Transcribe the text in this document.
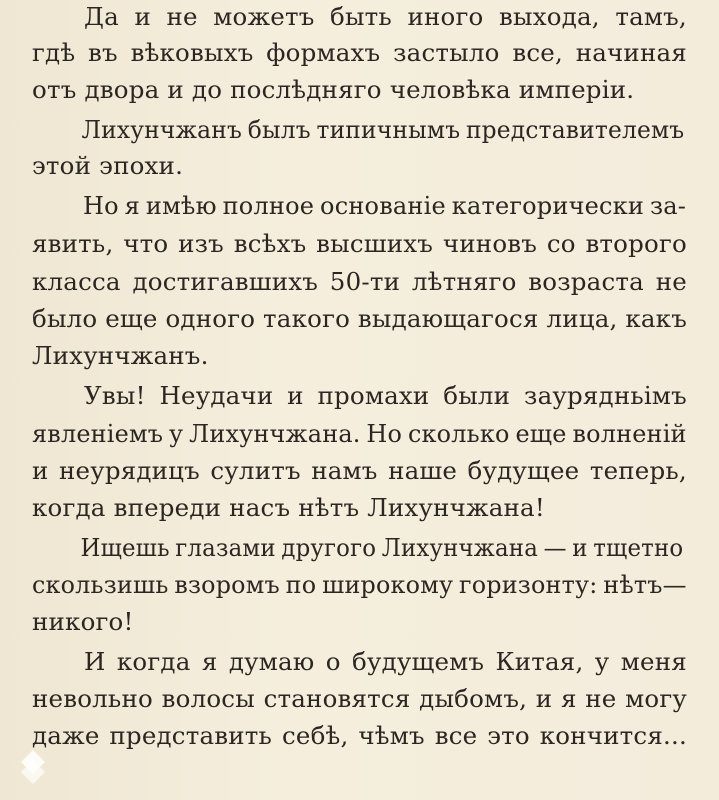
Да и не можетъ быть иного выхода, тамъ,
гдѣ въ вѣковыхъ формахъ застыло все, начиная
отъ двора и до послѣдняго человѣка имперіи.
Лихунчжанъ былъ типичнымъ представителемъ
этой эпохи.
Но я имѣю полное основаніе категорически за-
явить, что изъ всѣхъ высшихъ чиновъ со второго
класса достигавшихъ 50-ти лѣтняго возраста не
было еще одного такого выдающагося лица, какъ
Лихунчжанъ.
Увы! Неудачи и промахи были заурядньімъ
явленіемъ у Лихунчжана. Но сколько еще волненій
и неурядицъ сулитъ намъ наше будущее теперь,
когда впереди насъ нѣтъ Лихунчжана!
Ищешь глазами другого Лихунчжана — и тщетно
скользишь взоромъ по широкому горизонту: нѣтъ—
никого!
И когда я думаю о будущемъ Китая, у меня
невольно волосы становятся дыбомъ, и я не могу
даже представить себѣ, чѣмъ все это кончится...
